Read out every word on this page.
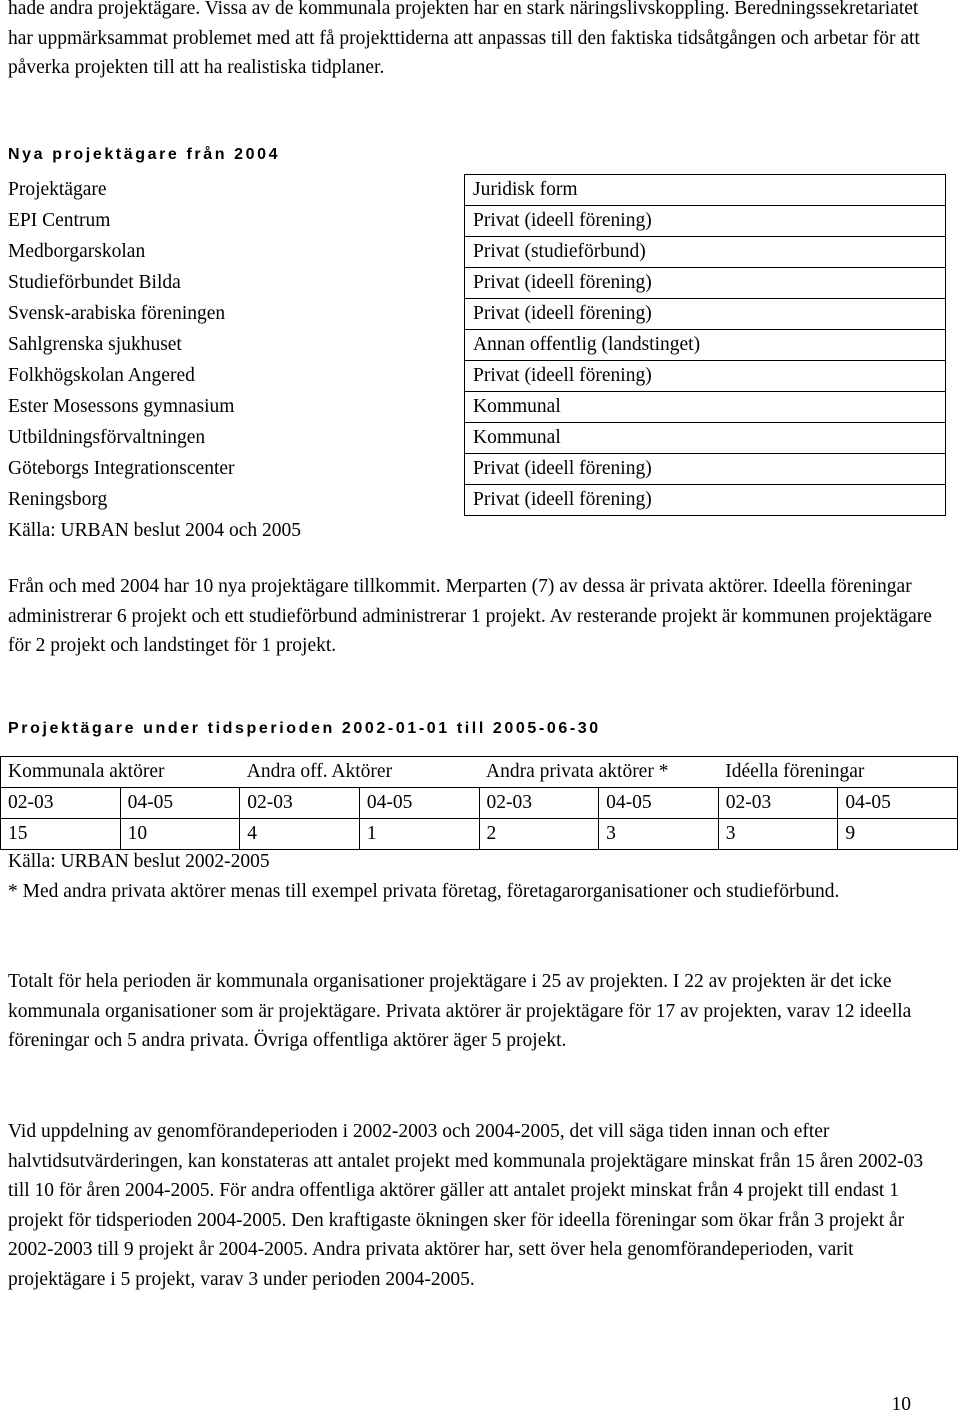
hade andra projektägare. Vissa av de kommunala projekten har en stark näringslivskoppling. Beredningssekretariatet har uppmärksammat problemet med att få projekttiderna att anpassas till den faktiska tidsåtgången och arbetar för att påverka projekten till att ha realistiska tidplaner.

Nya projektägare från 2004
Projektägare	Juridisk form
EPI Centrum	Privat (ideell förening)
Medborgarskolan	Privat (studieförbund)
Studieförbundet Bilda	Privat (ideell förening)
Svensk-arabiska föreningen	Privat (ideell förening)
Sahlgrenska sjukhuset	Annan offentlig (landstinget)
Folkhögskolan Angered	Privat (ideell förening)
Ester Mosessons gymnasium	Kommunal
Utbildningsförvaltningen	Kommunal
Göteborgs Integrationscenter	Privat (ideell förening)
Reningsborg	Privat (ideell förening)
Källa: URBAN beslut 2004 och 2005	

Från och med 2004 har 10 nya projektägare tillkommit. Merparten (7) av dessa är privata aktörer. Ideella föreningar administrerar 6 projekt och ett studieförbund administrerar 1 projekt. Av resterande projekt är kommunen projektägare för 2 projekt och landstinget för 1 projekt.

Projektägare under tidsperioden 2002-01-01 till 2005-06-30
Kommunala aktörer		Andra off. Aktörer		Andra privata aktörer *		Idéella föreningar	
02-03	04-05	02-03	04-05	02-03	04-05	02-03	04-05
15	10	4	1	2	3	3	9

Källa: URBAN beslut 2002-2005

* Med andra privata aktörer menas till exempel privata företag, företagarorganisationer och studieförbund.

Totalt för hela perioden är kommunala organisationer projektägare i 25 av projekten. I 22 av projekten är det icke kommunala organisationer som är projektägare. Privata aktörer är projektägare för 17 av projekten, varav 12 ideella föreningar och 5 andra privata. Övriga offentliga aktörer äger 5 projekt.

Vid uppdelning av genomförandeperioden i 2002-2003 och 2004-2005, det vill säga tiden innan och efter halvtidsutvärderingen, kan konstateras att antalet projekt med kommunala projektägare minskat från 15 åren 2002-03 till 10 för åren 2004-2005. För andra offentliga aktörer gäller att antalet projekt minskat från 4 projekt till endast 1 projekt för tidsperioden 2004-2005. Den kraftigaste ökningen sker för ideella föreningar som ökar från 3 projekt år 2002-2003 till 9 projekt år 2004-2005. Andra privata aktörer har, sett över hela genomförandeperioden, varit projektägare i 5 projekt, varav 3 under perioden 2004-2005.

10
